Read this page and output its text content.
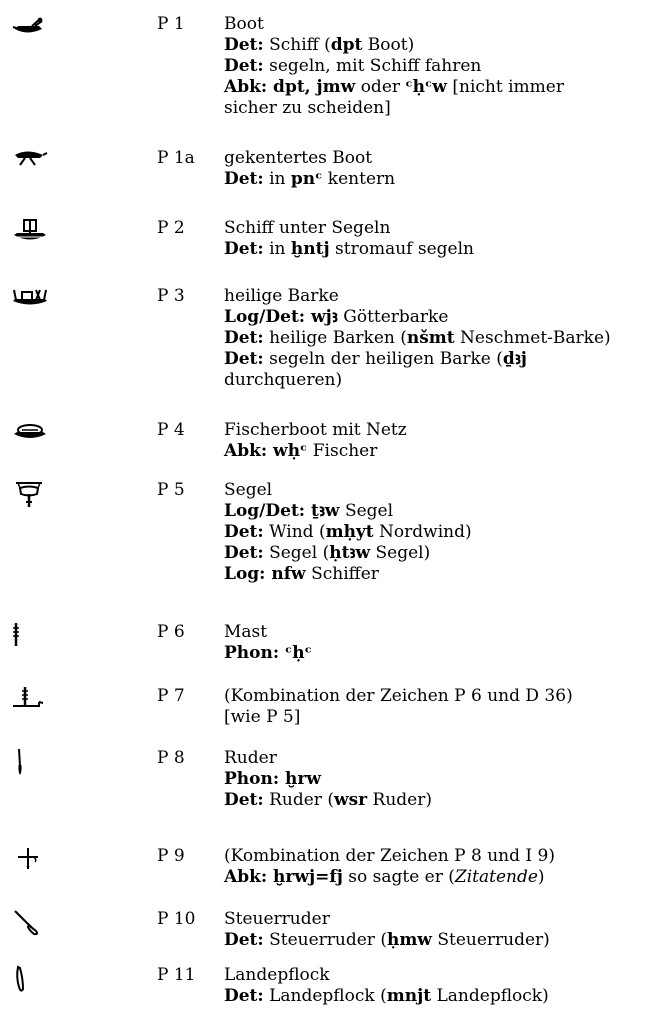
P 1 Boot
Det: Schiff (dpt Boot)
Det: segeln, mit Schiff fahren
Abk: dpt, jmw oder ᶜḥᶜw [nicht immer
sicher zu scheiden]
P 1a gekentertes Boot
Det: in pnᶜ kentern
P 2 Schiff unter Segeln
Det: in ḫntj stromauf segeln
P 3 heilige Barke
Log/Det: wjꜣ Götterbarke
Det: heilige Barken (nšmt Neschmet-Barke)
Det: segeln der heiligen Barke (ḏꜣj
durchqueren)
P 4 Fischerboot mit Netz
Abk: wḥᶜ Fischer
P 5 Segel
Log/Det: ṯꜣw Segel
Det: Wind (mḥyt Nordwind)
Det: Segel (ḥtꜣw Segel)
Log: nfw Schiffer
P 6 Mast
Phon: ᶜḥᶜ
P 7 (Kombination der Zeichen P 6 und D 36)
[wie P 5]
P 8 Ruder
Phon: ḫrw
Det: Ruder (wsr Ruder)
P 9 (Kombination der Zeichen P 8 und I 9)
Abk: ḫrwj=fj so sagte er (Zitatende)
P 10 Steuerruder
Det: Steuerruder (ḥmw Steuerruder)
P 11 Landepflock
Det: Landepflock (mnjt Landepflock)
